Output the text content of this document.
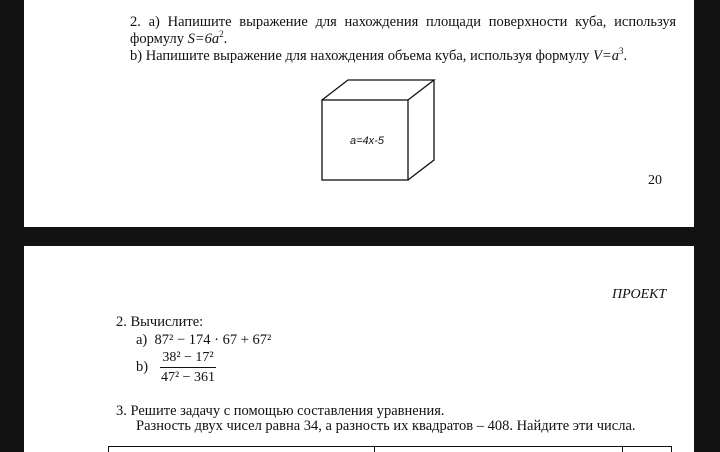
2. а) Напишите выражение для нахождения площади поверхности куба, используя
формулу $S=6a^2$.
b) Напишите выражение для нахождения объема куба, используя формулу $V=a^3$.
a=4x-5
20
ПРОЕКТ
2. Вычислите:
а) 87² − 174 · 67 + 67²
$b) \frac{\text{38² − 17²}}{\text{47² − 361}}$
3. Решите задачу с помощью составления уравнения.
Разность двух чисел равна 34, а разность их квадратов – 408. Найдите эти числа.
